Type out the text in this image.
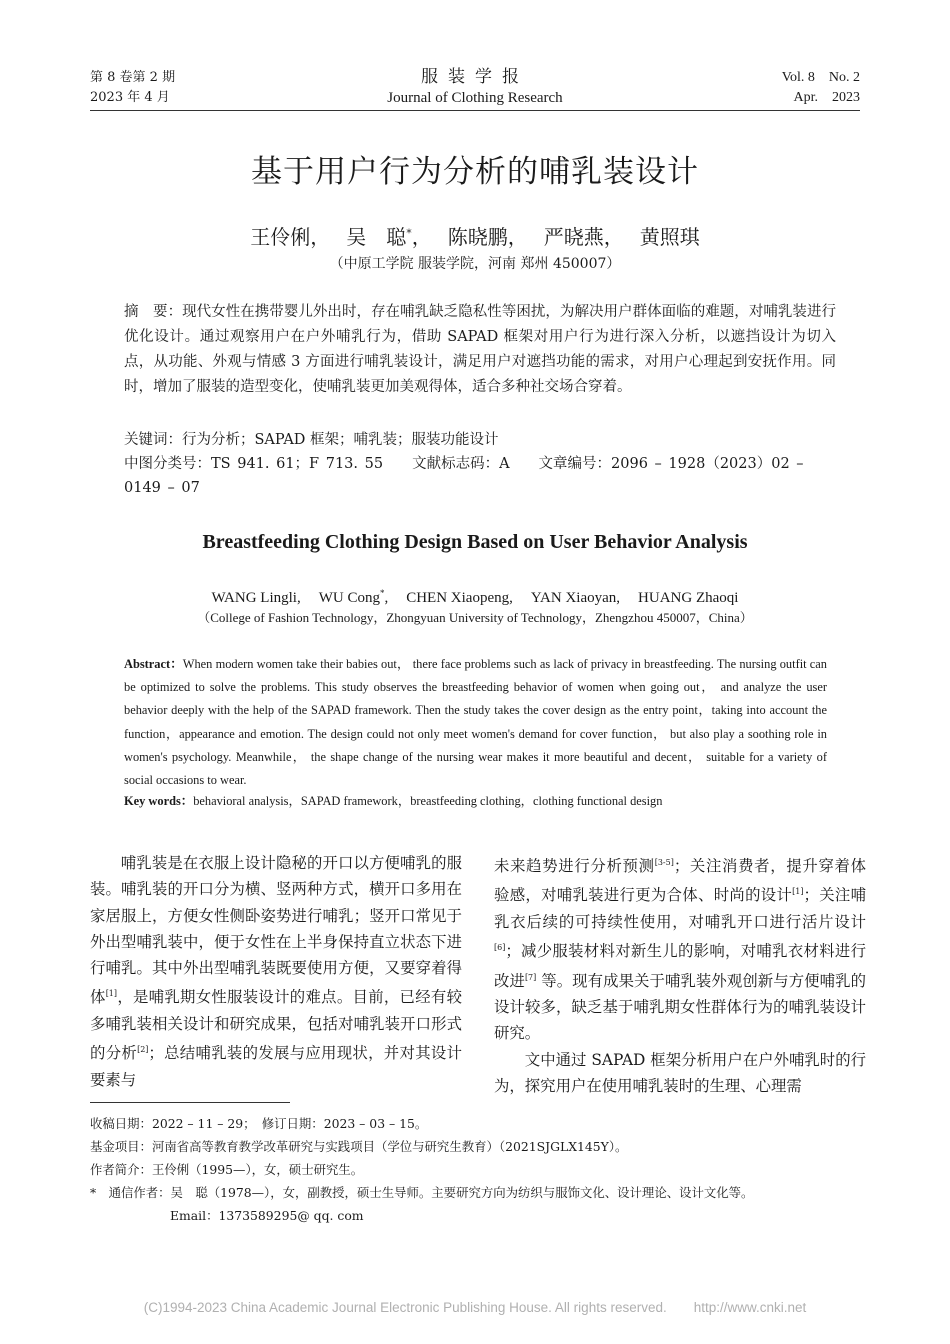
第 8 卷第 2 期
2023 年 4 月
服装学报
Journal of Clothing Research
Vol. 8　No. 2
Apr.　2023
基于用户行为分析的哺乳装设计
王伶俐， 吴　聪*， 陈晓鹏， 严晓燕， 黄照琪
（中原工学院 服装学院，河南 郑州 450007）
摘　要：现代女性在携带婴儿外出时，存在哺乳缺乏隐私性等困扰，为解决用户群体面临的难题，对哺乳装进行优化设计。通过观察用户在户外哺乳行为，借助 SAPAD 框架对用户行为进行深入分析，以遮挡设计为切入点，从功能、外观与情感 3 方面进行哺乳装设计，满足用户对遮挡功能的需求，对用户心理起到安抚作用。同时，增加了服装的造型变化，使哺乳装更加美观得体，适合多种社交场合穿着。
关键词：行为分析；SAPAD 框架；哺乳装；服装功能设计
中图分类号：TS 941. 61；F 713. 55　　文献标志码：A　　文章编号：2096 – 1928（2023）02 – 0149 – 07
Breastfeeding Clothing Design Based on User Behavior Analysis
WANG Lingli, WU Cong*, CHEN Xiaopeng, YAN Xiaoyan, HUANG Zhaoqi
（College of Fashion Technology，Zhongyuan University of Technology，Zhengzhou 450007，China）
Abstract：When modern women take their babies out， there face problems such as lack of privacy in breastfeeding. The nursing outfit can be optimized to solve the problems. This study observes the breastfeeding behavior of women when going out， and analyze the user behavior deeply with the help of the SAPAD framework. Then the study takes the cover design as the entry point，taking into account the function，appearance and emotion. The design could not only meet women's demand for cover function， but also play a soothing role in women's psychology. Meanwhile， the shape change of the nursing wear makes it more beautiful and decent， suitable for a variety of social occasions to wear.
Key words：behavioral analysis，SAPAD framework，breastfeeding clothing，clothing functional design

哺乳装是在衣服上设计隐秘的开口以方便哺乳的服装。哺乳装的开口分为横、竖两种方式，横开口多用在家居服上，方便女性侧卧姿势进行哺乳；竖开口常见于外出型哺乳装中，便于女性在上半身保持直立状态下进行哺乳。其中外出型哺乳装既要使用方便，又要穿着得体[1]，是哺乳期女性服装设计的难点。目前，已经有较多哺乳装相关设计和研究成果，包括对哺乳装开口形式的分析[2]；总结哺乳装的发展与应用现状，并对其设计要素与

未来趋势进行分析预测[3-5]；关注消费者，提升穿着体验感，对哺乳装进行更为合体、时尚的设计[1]；关注哺乳衣后续的可持续性使用，对哺乳开口进行活片设计[6]；减少服装材料对新生儿的影响，对哺乳衣材料进行改进[7] 等。现有成果关于哺乳装外观创新与方便哺乳的设计较多，缺乏基于哺乳期女性群体行为的哺乳装设计研究。

文中通过 SAPAD 框架分析用户在户外哺乳时的行为，探究用户在使用哺乳装时的生理、心理需

收稿日期：2022 – 11 – 29；　修订日期：2023 – 03 – 15。
基金项目：河南省高等教育教学改革研究与实践项目（学位与研究生教育）（2021SJGLX145Y）。
作者简介：王伶俐（1995—），女，硕士研究生。
*　通信作者：吴　聪（1978—），女，副教授，硕士生导师。主要研究方向为纺织与服饰文化、设计理论、设计文化等。
Email：1373589295@ qq. com
(C)1994-2023 China Academic Journal Electronic Publishing House. All rights reserved.　　http://www.cnki.net
